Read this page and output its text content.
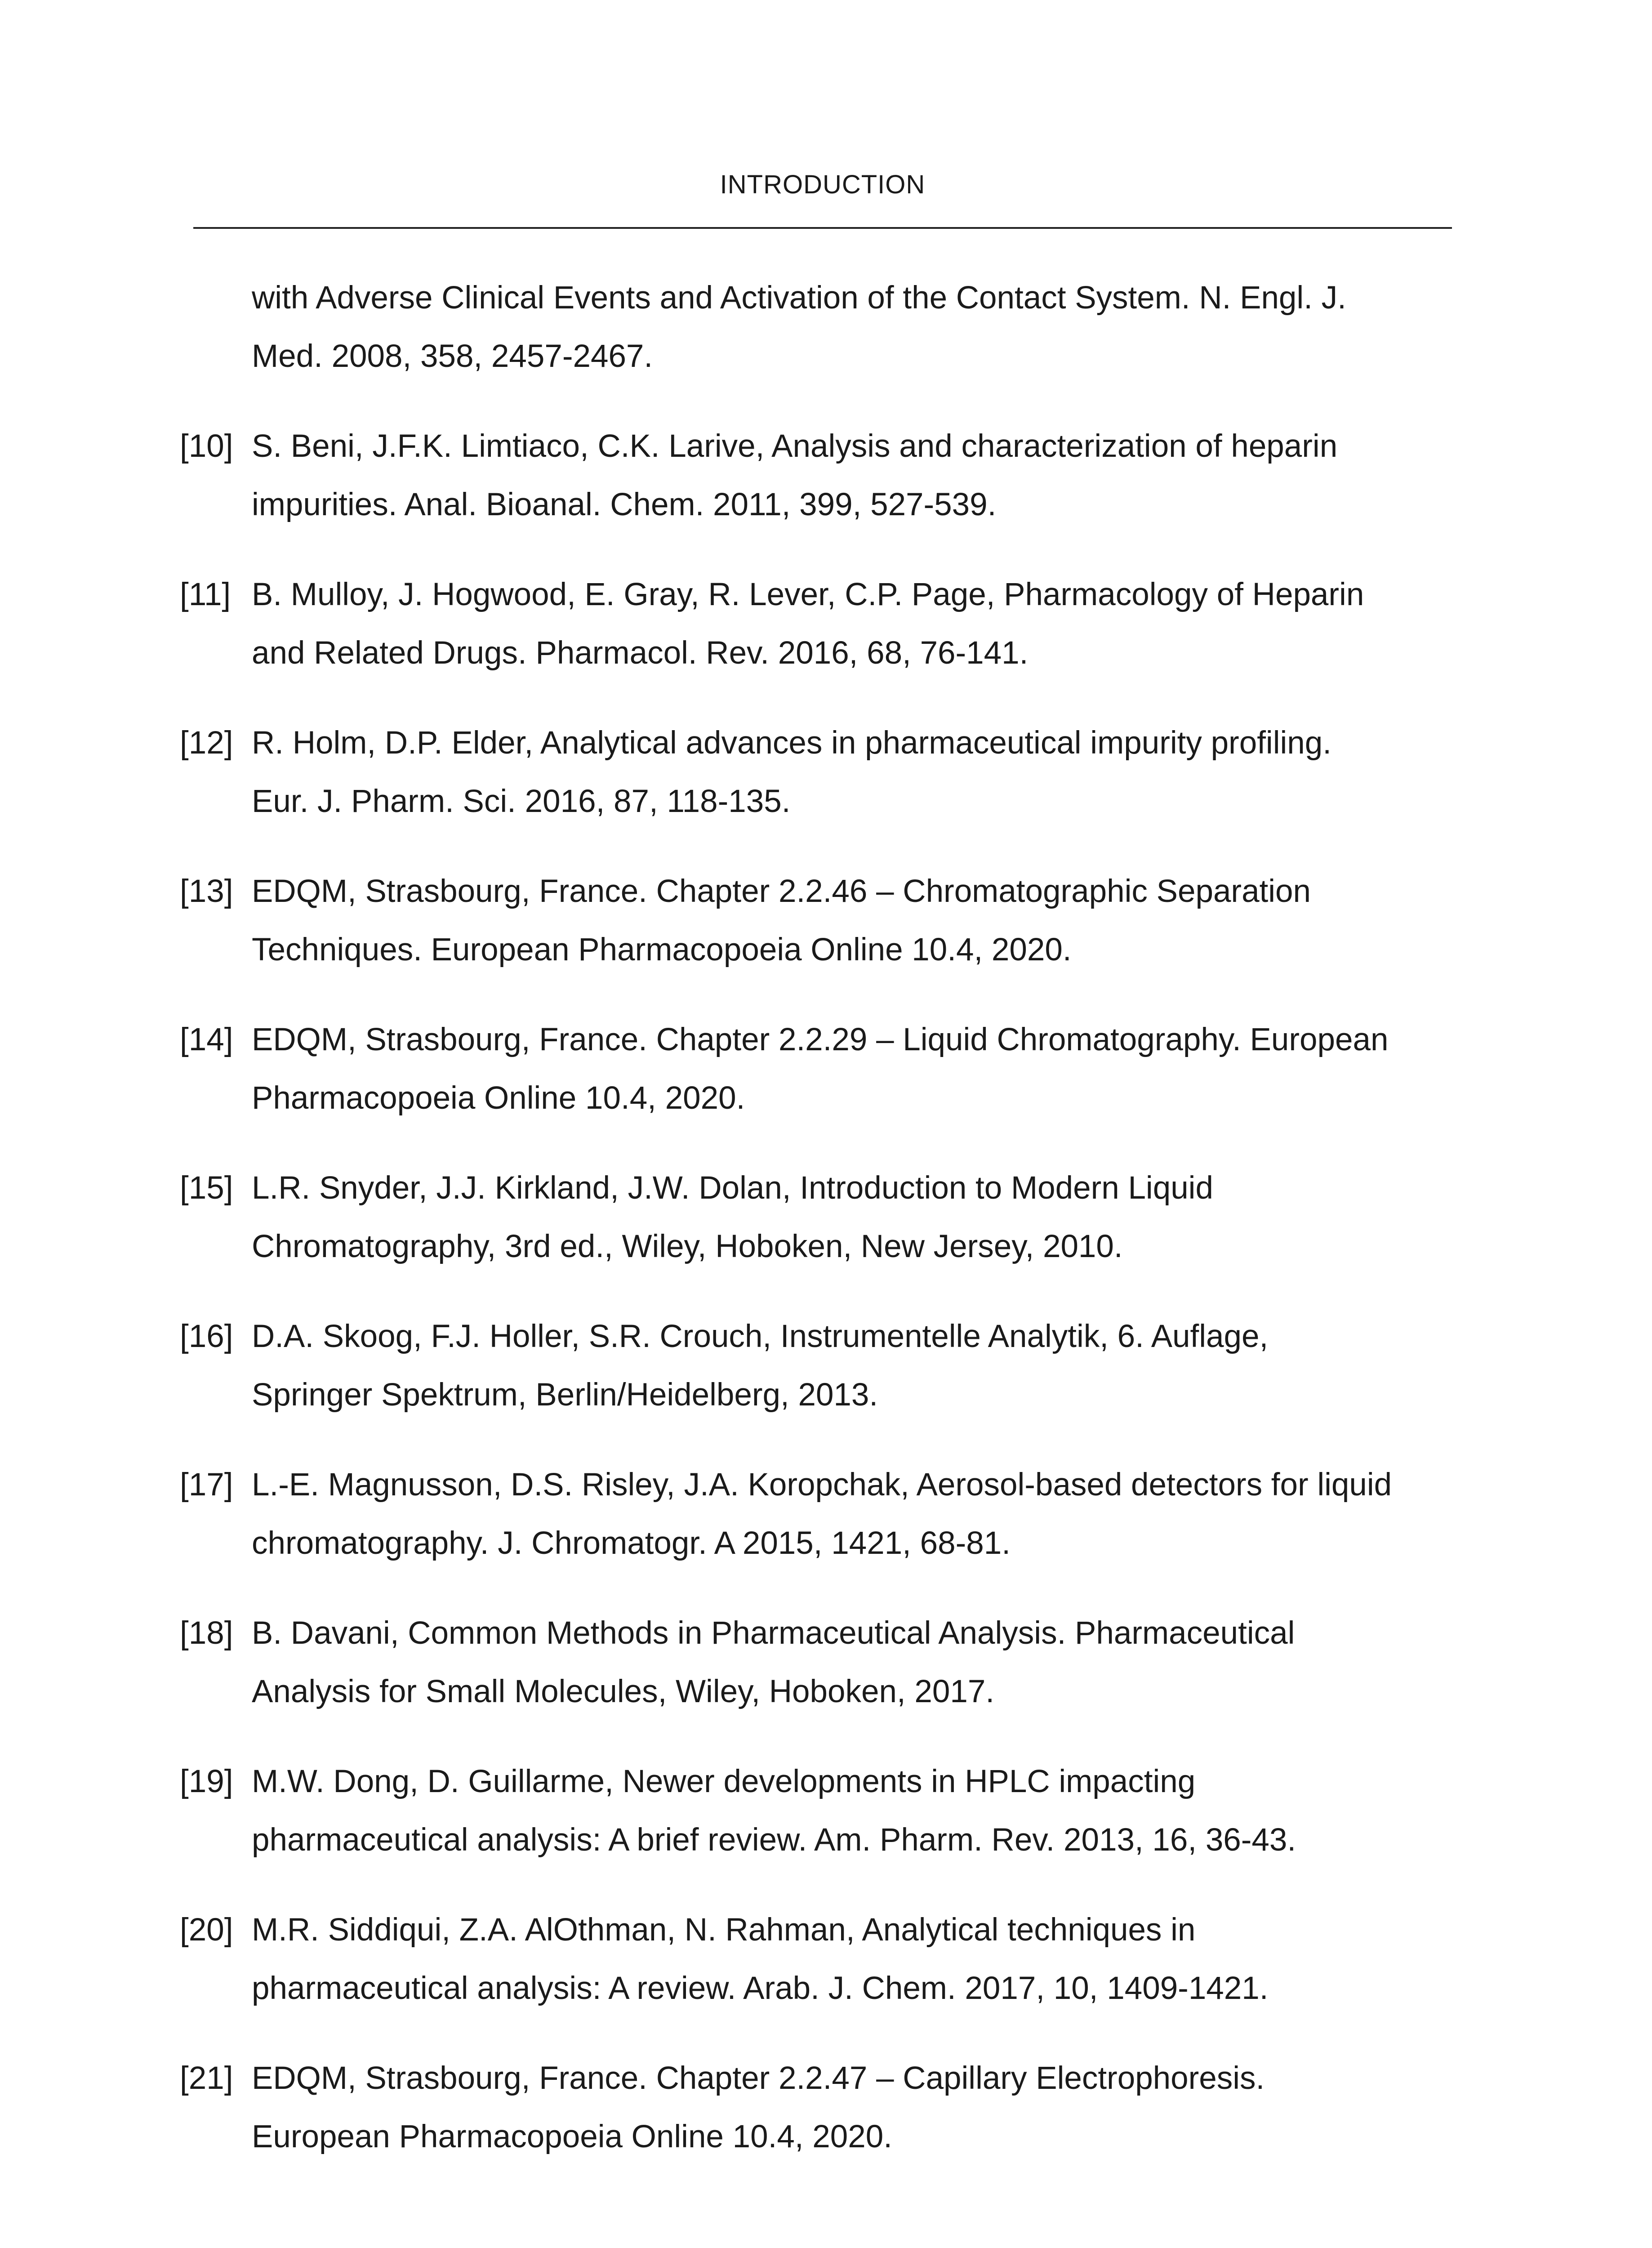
INTRODUCTION
with Adverse Clinical Events and Activation of the Contact System. N. Engl. J.
Med. 2008, 358, 2457-2467.
[10] S. Beni, J.F.K. Limtiaco, C.K. Larive, Analysis and characterization of heparin
impurities. Anal. Bioanal. Chem. 2011, 399, 527-539.
[11] B. Mulloy, J. Hogwood, E. Gray, R. Lever, C.P. Page, Pharmacology of Heparin
and Related Drugs. Pharmacol. Rev. 2016, 68, 76-141.
[12] R. Holm, D.P. Elder, Analytical advances in pharmaceutical impurity profiling.
Eur. J. Pharm. Sci. 2016, 87, 118-135.
[13] EDQM, Strasbourg, France. Chapter 2.2.46 – Chromatographic Separation
Techniques. European Pharmacopoeia Online 10.4, 2020.
[14] EDQM, Strasbourg, France. Chapter 2.2.29 – Liquid Chromatography. European
Pharmacopoeia Online 10.4, 2020.
[15] L.R. Snyder, J.J. Kirkland, J.W. Dolan, Introduction to Modern Liquid
Chromatography, 3rd ed., Wiley, Hoboken, New Jersey, 2010.
[16] D.A. Skoog, F.J. Holler, S.R. Crouch, Instrumentelle Analytik, 6. Auflage,
Springer Spektrum, Berlin/Heidelberg, 2013.
[17] L.-E. Magnusson, D.S. Risley, J.A. Koropchak, Aerosol-based detectors for liquid
chromatography. J. Chromatogr. A 2015, 1421, 68-81.
[18] B. Davani, Common Methods in Pharmaceutical Analysis. Pharmaceutical
Analysis for Small Molecules, Wiley, Hoboken, 2017.
[19] M.W. Dong, D. Guillarme, Newer developments in HPLC impacting
pharmaceutical analysis: A brief review. Am. Pharm. Rev. 2013, 16, 36-43.
[20] M.R. Siddiqui, Z.A. AlOthman, N. Rahman, Analytical techniques in
pharmaceutical analysis: A review. Arab. J. Chem. 2017, 10, 1409-1421.
[21] EDQM, Strasbourg, France. Chapter 2.2.47 – Capillary Electrophoresis.
European Pharmacopoeia Online 10.4, 2020.
